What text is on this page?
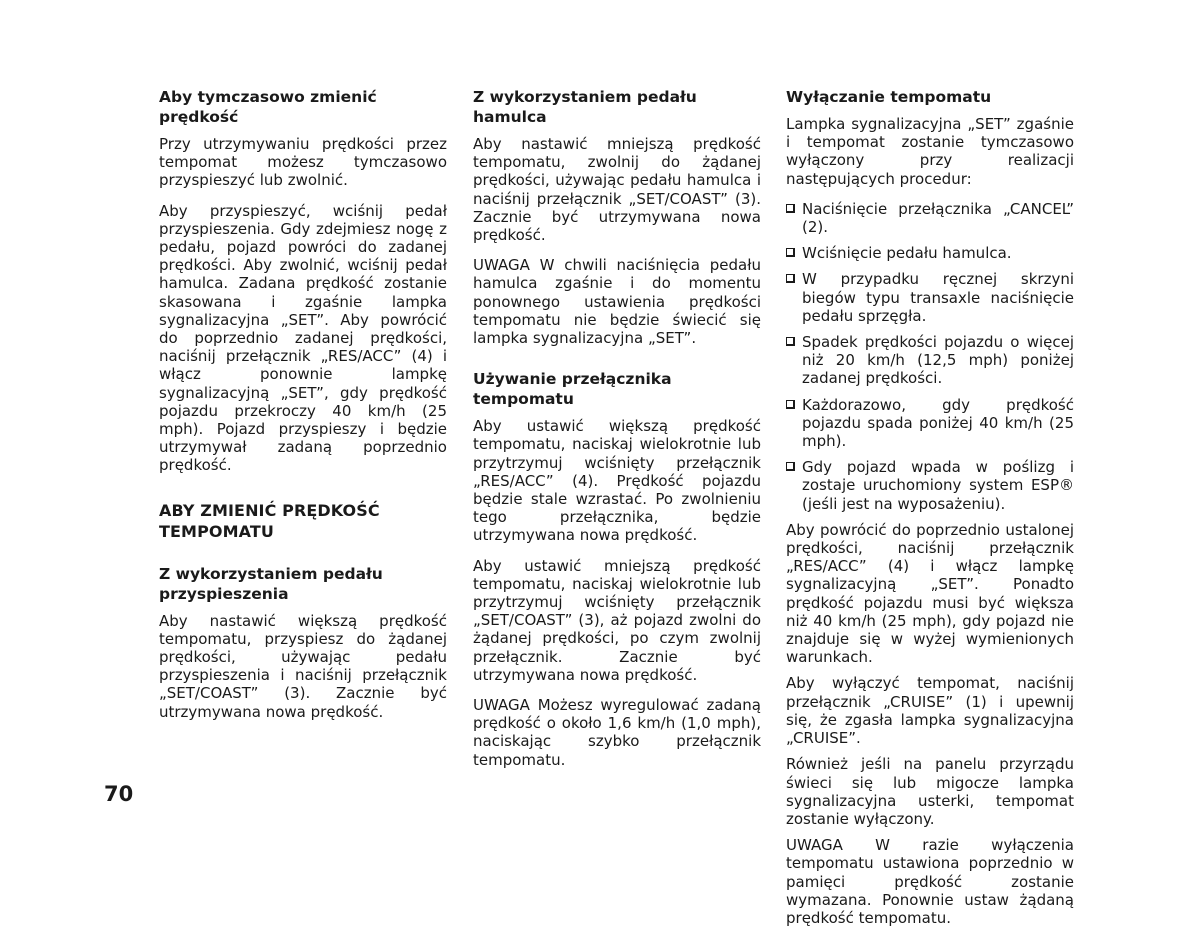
Aby tymczasowo zmienić prędkość

Przy utrzymywaniu prędkości przez tempomat możesz tymczasowo przyspieszyć lub zwolnić.

Aby przyspieszyć, wciśnij pedał przyspieszenia. Gdy zdejmiesz nogę z pedału, pojazd powróci do zadanej prędkości. Aby zwolnić, wciśnij pedał hamulca. Zadana prędkość zostanie skasowana i zgaśnie lampka sygnalizacyjna „SET”. Aby powrócić do poprzednio zadanej prędkości, naciśnij przełącznik „RES/ACC” (4) i włącz ponownie lampkę sygnalizacyjną „SET”, gdy prędkość pojazdu przekroczy 40 km/h (25 mph). Pojazd przyspieszy i będzie utrzymywał zadaną poprzednio prędkość.

ABY ZMIENIĆ PRĘDKOŚĆ TEMPOMATU
Z wykorzystaniem pedału przyspieszenia

Aby nastawić większą prędkość tempomatu, przyspiesz do żądanej prędkości, używając pedału przyspieszenia i naciśnij przełącznik „SET/COAST” (3). Zacznie być utrzymywana nowa prędkość.

Z wykorzystaniem pedału hamulca

Aby nastawić mniejszą prędkość tempomatu, zwolnij do żądanej prędkości, używając pedału hamulca i naciśnij przełącznik „SET/COAST” (3). Zacznie być utrzymywana nowa prędkość.

UWAGA W chwili naciśnięcia pedału hamulca zgaśnie i do momentu ponownego ustawienia prędkości tempomatu nie będzie świecić się lampka sygnalizacyjna „SET”.

Używanie przełącznika tempomatu

Aby ustawić większą prędkość tempomatu, naciskaj wielokrotnie lub przytrzymuj wciśnięty przełącznik „RES/ACC” (4). Prędkość pojazdu będzie stale wzrastać. Po zwolnieniu tego przełącznika, będzie utrzymywana nowa prędkość.

Aby ustawić mniejszą prędkość tempomatu, naciskaj wielokrotnie lub przytrzymuj wciśnięty przełącznik „SET/COAST” (3), aż pojazd zwolni do żądanej prędkości, po czym zwolnij przełącznik. Zacznie być utrzymywana nowa prędkość.

UWAGA Możesz wyregulować zadaną prędkość o około 1,6 km/h (1,0 mph), naciskając szybko przełącznik tempomatu.

Wyłączanie tempomatu

Lampka sygnalizacyjna „SET” zgaśnie i tempomat zostanie tymczasowo wyłączony przy realizacji następujących procedur:

Naciśnięcie przełącznika „CANCEL” (2).
Wciśnięcie pedału hamulca.
W przypadku ręcznej skrzyni biegów typu transaxle naciśnięcie pedału sprzęgła.
Spadek prędkości pojazdu o więcej niż 20 km/h (12,5 mph) poniżej zadanej prędkości.
Każdorazowo, gdy prędkość pojazdu spada poniżej 40 km/h (25 mph).
Gdy pojazd wpada w poślizg i zostaje uruchomiony system ESP® (jeśli jest na wyposażeniu).

Aby powrócić do poprzednio ustalonej prędkości, naciśnij przełącznik „RES/ACC” (4) i włącz lampkę sygnalizacyjną „SET”. Ponadto prędkość pojazdu musi być większa niż 40 km/h (25 mph), gdy pojazd nie znajduje się w wyżej wymienionych warunkach.

Aby wyłączyć tempomat, naciśnij przełącznik „CRUISE” (1) i upewnij się, że zgasła lampka sygnalizacyjna „CRUISE”.

Również jeśli na panelu przyrządu świeci się lub migocze lampka sygnalizacyjna usterki, tempomat zostanie wyłączony.

UWAGA W razie wyłączenia tempomatu ustawiona poprzednio w pamięci prędkość zostanie wymazana. Ponownie ustaw żądaną prędkość tempomatu.

70
